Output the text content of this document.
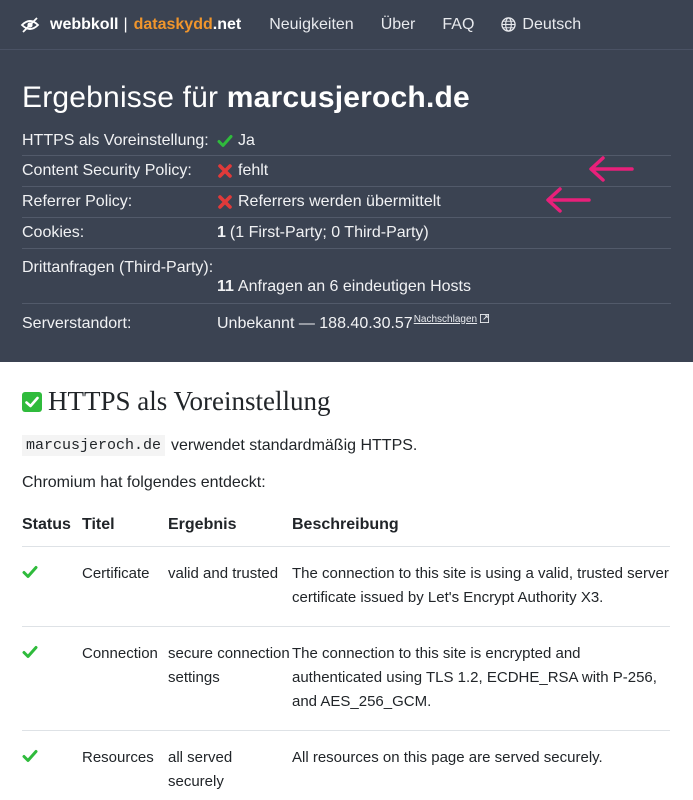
webbkoll | dataskydd .net Neuigkeiten Über FAQ	Deutsch
Ergebnisse für marcusjeroch.de
HTTPS als Voreinstellung:	Ja
Content Security Policy:	fehlt
Referrer Policy:	Referrers werden übermittelt
Cookies:	1 (1 First-Party; 0 Third-Party)
Drittanfragen (Third-Party):
11 Anfragen an 6 eindeutigen Hosts
Serverstandort:	Unbekannt — 188.40.30.57 Nachschlagen
HTTPS als Voreinstellung
marcusjeroch.de verwendet standardmäßig HTTPS.
Chromium hat folgendes entdeckt:
Status	Titel	Ergebnis	Beschreibung

	Certificate	valid and trusted	The connection to this site is using a valid, trusted server certificate issued by Let's Encrypt Authority X3.

	Connection	secure connection settings	The connection to this site is encrypted and authenticated using TLS 1.2, ECDHE_RSA with P-256, and AES_256_GCM.

	Resources	all served securely	All resources on this page are served securely.
